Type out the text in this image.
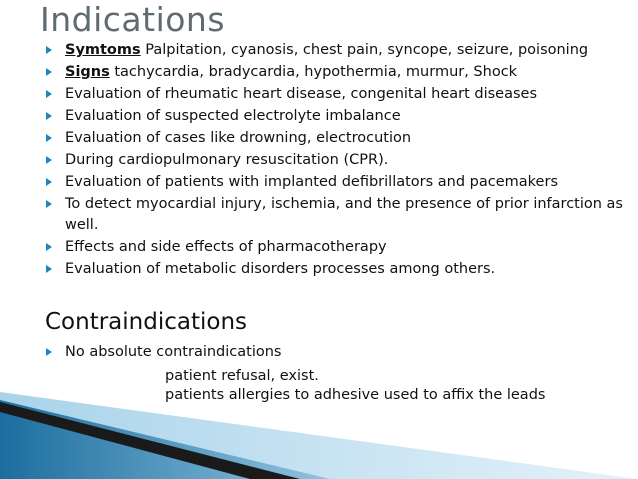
Indications
Symtoms Palpitation, cyanosis, chest pain, syncope, seizure, poisoning
Signs tachycardia, bradycardia, hypothermia, murmur, Shock
Evaluation of rheumatic heart disease, congenital heart diseases
Evaluation of suspected electrolyte imbalance
Evaluation of cases like drowning, electrocution
During cardiopulmonary resuscitation (CPR).
Evaluation of patients with implanted defibrillators and pacemakers
To detect myocardial injury, ischemia, and the presence of prior infarction as well.
Effects and side effects of pharmacotherapy
Evaluation of metabolic disorders processes among others.
Contraindications
No absolute contraindications
patient refusal, exist.
patients allergies to adhesive used to affix the leads
